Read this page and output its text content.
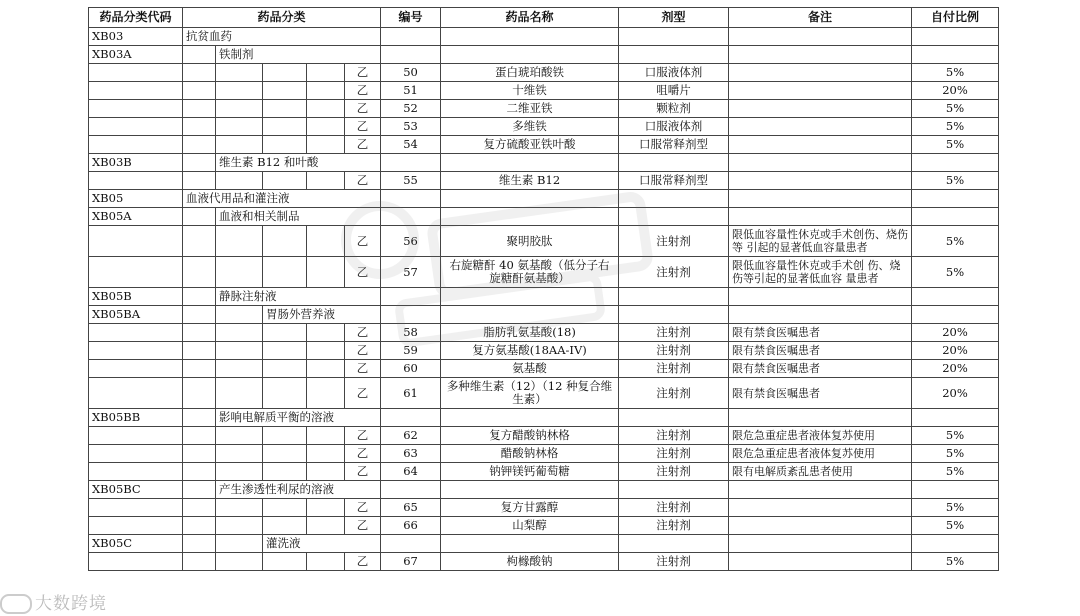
药品分类代码	药品分类					编号	药品名称	剂型	备注	自付比例
XB03	抗贫血药									
XB03A		铁制剂								
					乙	50	蛋白琥珀酸铁	口服液体剂		5%
					乙	51	十维铁	咀嚼片		20%
					乙	52	二维亚铁	颗粒剂		5%
					乙	53	多维铁	口服液体剂		5%
					乙	54	复方硫酸亚铁叶酸	口服常释剂型		5%
XB03B		维生素 B12 和叶酸								
					乙	55	维生素 B12	口服常释剂型		5%
XB05	血液代用品和灌注液									
XB05A		血液和相关制品								
					乙	56	聚明胶肽	注射剂	限低血容量性休克或手术创伤、烧伤等 引起的显著低血容量患者	5%
					乙	57	右旋糖酐 40 氨基酸（低分子右旋糖酐氨基酸）	注射剂	限低血容量性休克或手术创 伤、烧伤等引起的显著低血容 量患者	5%
XB05B		静脉注射液								
XB05BA			胃肠外营养液							
					乙	58	脂肪乳氨基酸(18)	注射剂	限有禁食医嘱患者	20%
					乙	59	复方氨基酸(18AA-IV)	注射剂	限有禁食医嘱患者	20%
					乙	60	氨基酸	注射剂	限有禁食医嘱患者	20%
					乙	61	多种维生素（12）（12 种复合维生素）	注射剂	限有禁食医嘱患者	20%
XB05BB		影响电解质平衡的溶液								
					乙	62	复方醋酸钠林格	注射剂	限危急重症患者液体复苏使用	5%
					乙	63	醋酸钠林格	注射剂	限危急重症患者液体复苏使用	5%
					乙	64	钠钾镁钙葡萄糖	注射剂	限有电解质紊乱患者使用	5%
XB05BC		产生渗透性利尿的溶液								
					乙	65	复方甘露醇	注射剂		5%
					乙	66	山梨醇	注射剂		5%
XB05C			灌洗液							
					乙	67	枸橼酸钠	注射剂		5%
大数跨境
